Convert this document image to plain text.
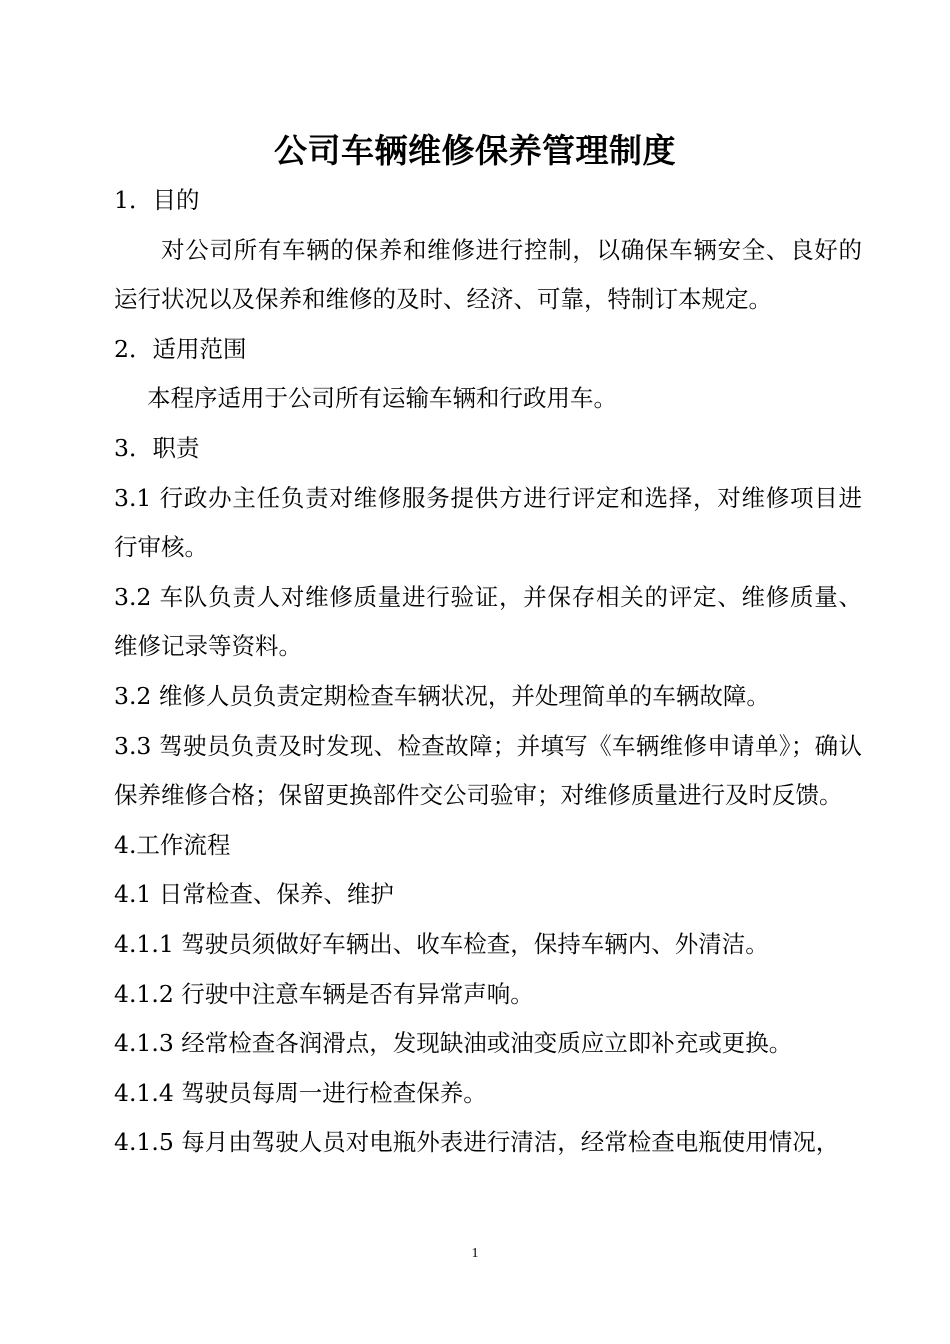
公司车辆维修保养管理制度

1．目的

对公司所有车辆的保养和维修进行控制，以确保车辆安全、良好的运行状况以及保养和维修的及时、经济、可靠，特制订本规定。

2．适用范围

本程序适用于公司所有运输车辆和行政用车。

3．职责

3.1 行政办主任负责对维修服务提供方进行评定和选择，对维修项目进行审核。

3.2 车队负责人对维修质量进行验证，并保存相关的评定、维修质量、维修记录等资料。

3.2 维修人员负责定期检查车辆状况，并处理简单的车辆故障。

3.3 驾驶员负责及时发现、检查故障；并填写《车辆维修申请单》；确认保养维修合格；保留更换部件交公司验审；对维修质量进行及时反馈。

4.工作流程

4.1 日常检查、保养、维护

4.1.1 驾驶员须做好车辆出、收车检查，保持车辆内、外清洁。

4.1.2 行驶中注意车辆是否有异常声响。

4.1.3 经常检查各润滑点，发现缺油或油变质应立即补充或更换。

4.1.4 驾驶员每周一进行检查保养。

4.1.5 每月由驾驶人员对电瓶外表进行清洁，经常检查电瓶使用情况，

1
